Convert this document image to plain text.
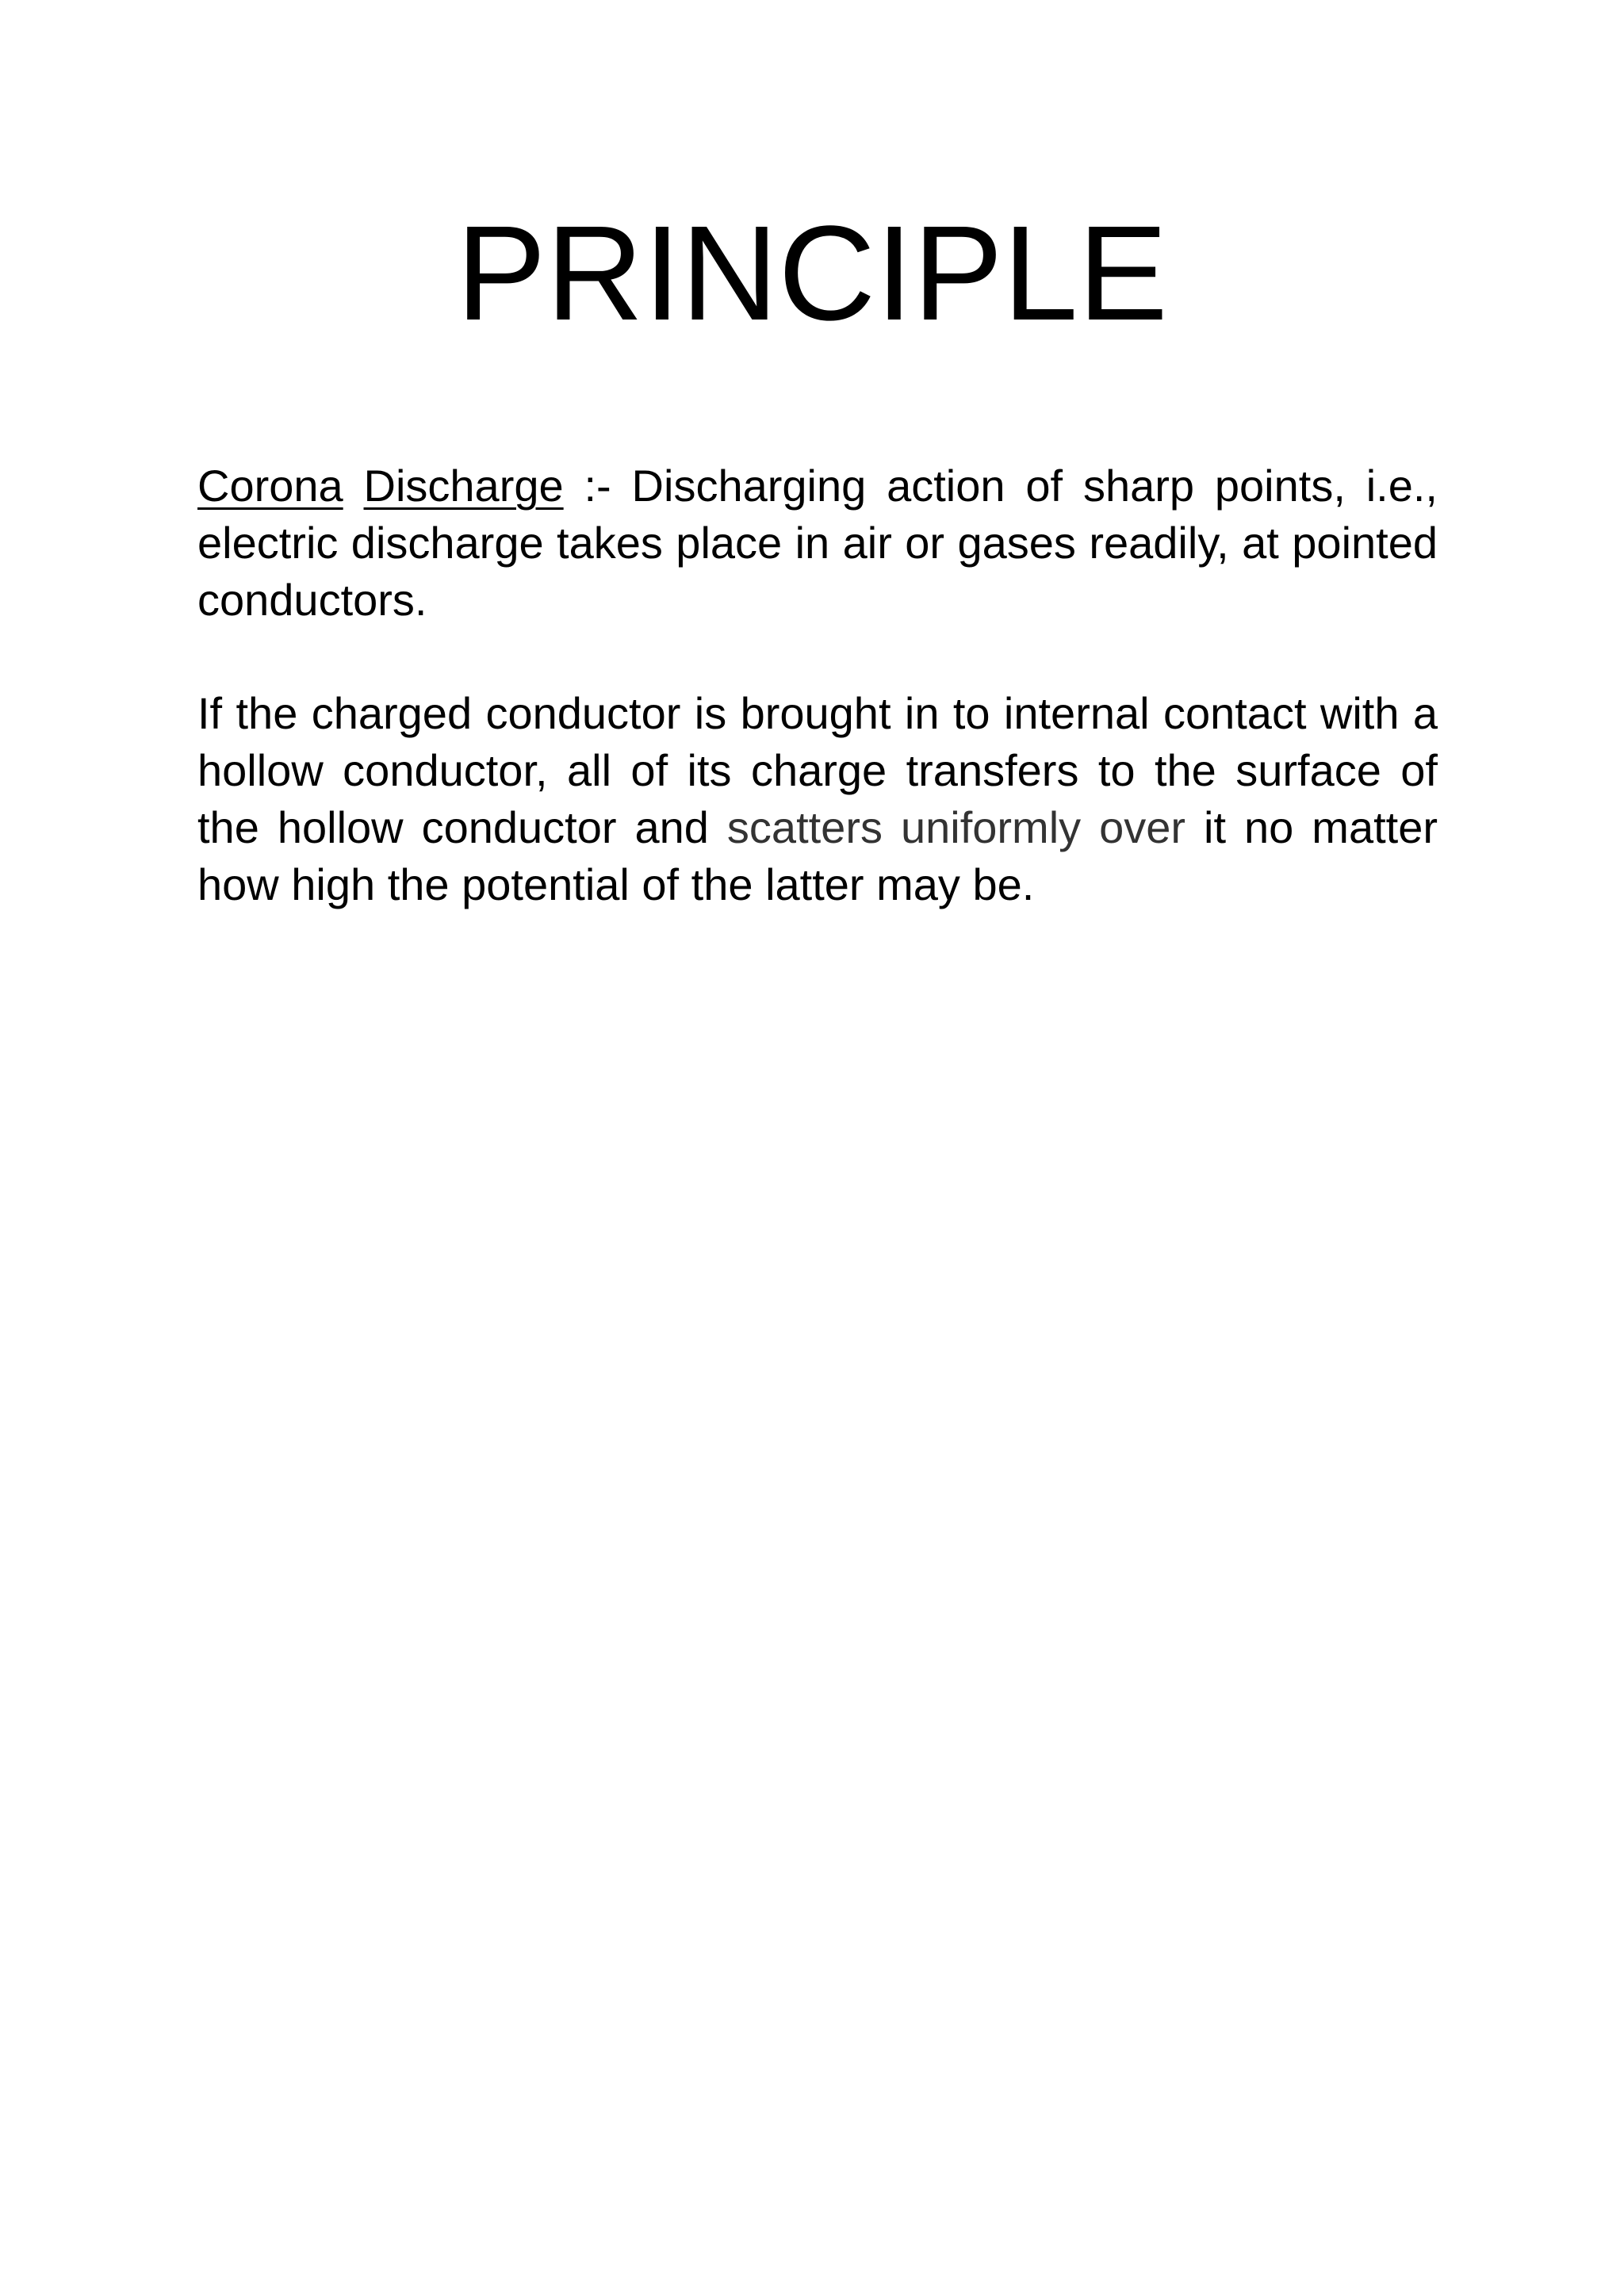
PRINCIPLE

Corona Discharge :- Discharging action of sharp points, i.e., electric discharge takes place in air or gases readily, at pointed conductors.

If the charged conductor is brought in to internal contact with a hollow conductor, all of its charge transfers to the surface of the hollow conductor and scatters uniformly over it no matter how high the potential of the latter may be.
